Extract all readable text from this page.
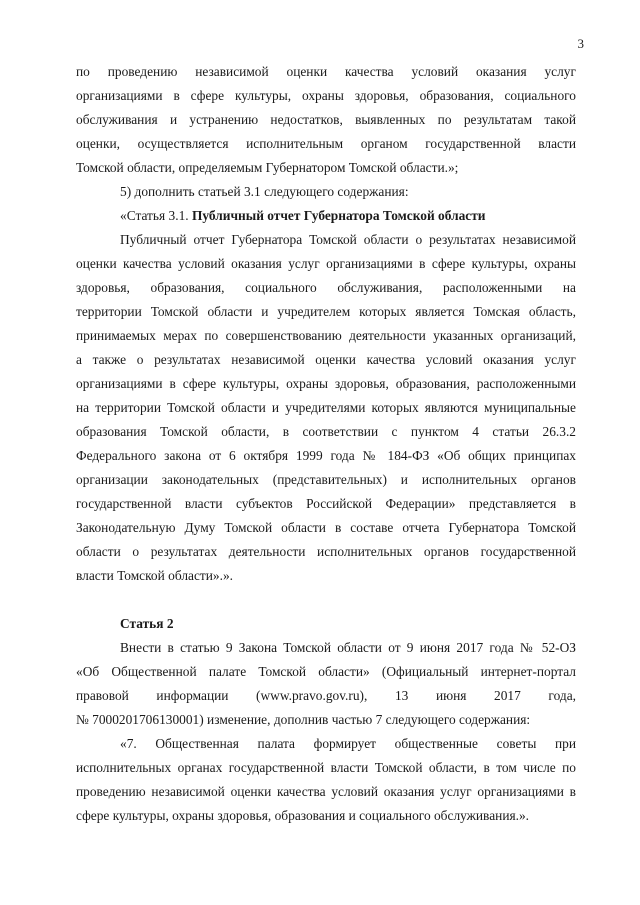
3
по проведению независимой оценки качества условий оказания услуг
организациями в сфере культуры, охраны здоровья, образования, социального
обслуживания и устранению недостатков, выявленных по результатам такой
оценки, осуществляется исполнительным органом государственной власти
Томской области, определяемым Губернатором Томской области.»;
5) дополнить статьей 3.1 следующего содержания:
«Статья 3.1. Публичный отчет Губернатора Томской области
Публичный отчет Губернатора Томской области о результатах независимой
оценки качества условий оказания услуг организациями в сфере культуры, охраны
здоровья, образования, социального обслуживания, расположенными на
территории Томской области и учредителем которых является Томская область,
принимаемых мерах по совершенствованию деятельности указанных организаций,
а также о результатах независимой оценки качества условий оказания услуг
организациями в сфере культуры, охраны здоровья, образования, расположенными
на территории Томской области и учредителями которых являются муниципальные
образования Томской области, в соответствии с пунктом 4 статьи 26.3.2
Федерального закона от 6 октября 1999 года № 184-ФЗ «Об общих принципах
организации законодательных (представительных) и исполнительных органов
государственной власти субъектов Российской Федерации» представляется в
Законодательную Думу Томской области в составе отчета Губернатора Томской
области о результатах деятельности исполнительных органов государственной
власти Томской области».».
Статья 2
Внести в статью 9 Закона Томской области от 9 июня 2017 года № 52-ОЗ
«Об Общественной палате Томской области» (Официальный интернет-портал
правовой информации (www.pravo.gov.ru), 13 июня 2017 года,
№ 7000201706130001) изменение, дополнив частью 7 следующего содержания:
«7. Общественная палата формирует общественные советы при
исполнительных органах государственной власти Томской области, в том числе по
проведению независимой оценки качества условий оказания услуг организациями в
сфере культуры, охраны здоровья, образования и социального обслуживания.».
